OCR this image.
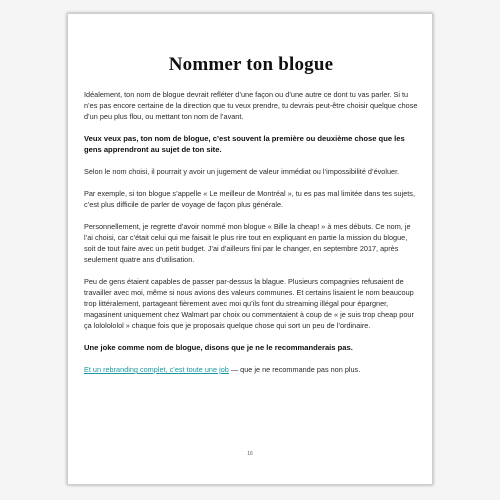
Nommer ton blogue

Idéalement, ton nom de blogue devrait refléter d’une façon ou d’une autre ce dont tu vas parler. Si tu n’es pas encore certaine de la direction que tu veux prendre, tu devrais peut-être choisir quelque chose d’un peu plus flou, ou mettant ton nom de l’avant.

Veux veux pas, ton nom de blogue, c’est souvent la première ou deuxième chose que les gens apprendront au sujet de ton site.

Selon le nom choisi, il pourrait y avoir un jugement de valeur immédiat ou l’impossibilité d’évoluer.

Par exemple, si ton blogue s’appelle « Le meilleur de Montréal », tu es pas mal limitée dans tes sujets, c’est plus difficile de parler de voyage de façon plus générale.

Personnellement, je regrette d’avoir nommé mon blogue « Bille la cheap! » à mes débuts. Ce nom, je l’ai choisi, car c’était celui qui me faisait le plus rire tout en expliquant en partie la mission du blogue, soit de tout faire avec un petit budget. J’ai d’ailleurs fini par le changer, en septembre 2017, après seulement quatre ans d’utilisation.

Peu de gens étaient capables de passer par-dessus la blague. Plusieurs compagnies refusaient de travailler avec moi, même si nous avions des valeurs communes. Et certains lisaient le nom beaucoup trop littéralement, partageant fièrement avec moi qu’ils font du streaming illégal pour épargner, magasinent uniquement chez Walmart par choix ou commentaient à coup de « je suis trop cheap pour ça lololololol » chaque fois que je proposais quelque chose qui sort un peu de l’ordinaire.

Une joke comme nom de blogue, disons que je ne le recommanderais pas.

Et un rebranding complet, c’est toute une job — que je ne recommande pas non plus.

16
